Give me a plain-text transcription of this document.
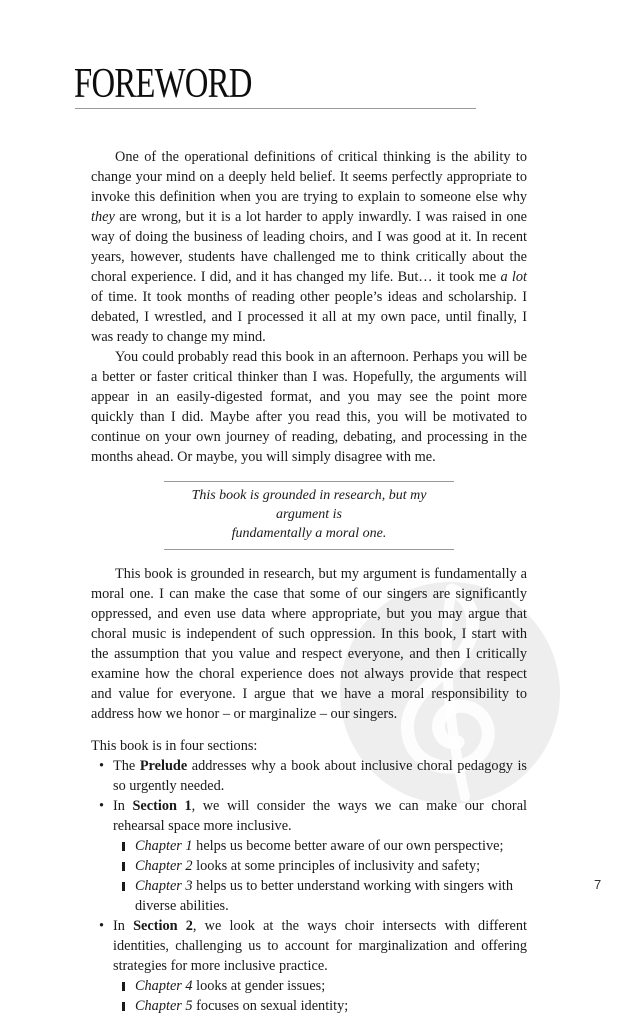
FOREWORD

One of the operational definitions of critical thinking is the ability to change your mind on a deeply held belief. It seems perfectly appropriate to invoke this definition when you are trying to explain to someone else why they are wrong, but it is a lot harder to apply inwardly. I was raised in one way of doing the business of leading choirs, and I was good at it. In recent years, however, students have challenged me to think critically about the choral experience. I did, and it has changed my life. But… it took me a lot of time. It took months of reading other people’s ideas and scholarship. I debated, I wrestled, and I processed it all at my own pace, until finally, I was ready to change my mind.

You could probably read this book in an afternoon. Perhaps you will be a better or faster critical thinker than I was. Hopefully, the arguments will appear in an easily-digested format, and you may see the point more quickly than I did. Maybe after you read this, you will be motivated to continue on your own journey of reading, debating, and processing in the months ahead. Or maybe, you will simply disagree with me.

This book is grounded in research, but my argument is
fundamentally a moral one.

This book is grounded in research, but my argument is fundamentally a moral one. I can make the case that some of our singers are significantly oppressed, and even use data where appropriate, but you may argue that choral music is independent of such oppression. In this book, I start with the assumption that you value and respect everyone, and then I critically examine how the choral experience does not always provide that respect and value for everyone. I argue that we have a moral responsibility to address how we honor – or marginalize – our singers.

This book is in four sections:

• The Prelude addresses why a book about inclusive choral pedagogy is so urgently needed.
• In Section 1, we will consider the ways we can make our choral rehearsal space more inclusive.
Chapter 1 helps us become better aware of our own perspective;
Chapter 2 looks at some principles of inclusivity and safety;
Chapter 3 helps us to better understand working with singers with diverse abilities.
• In Section 2, we look at the ways choir intersects with different identities, challenging us to account for marginalization and offering strategies for more inclusive practice.
Chapter 4 looks at gender issues;
Chapter 5 focuses on sexual identity;
7
